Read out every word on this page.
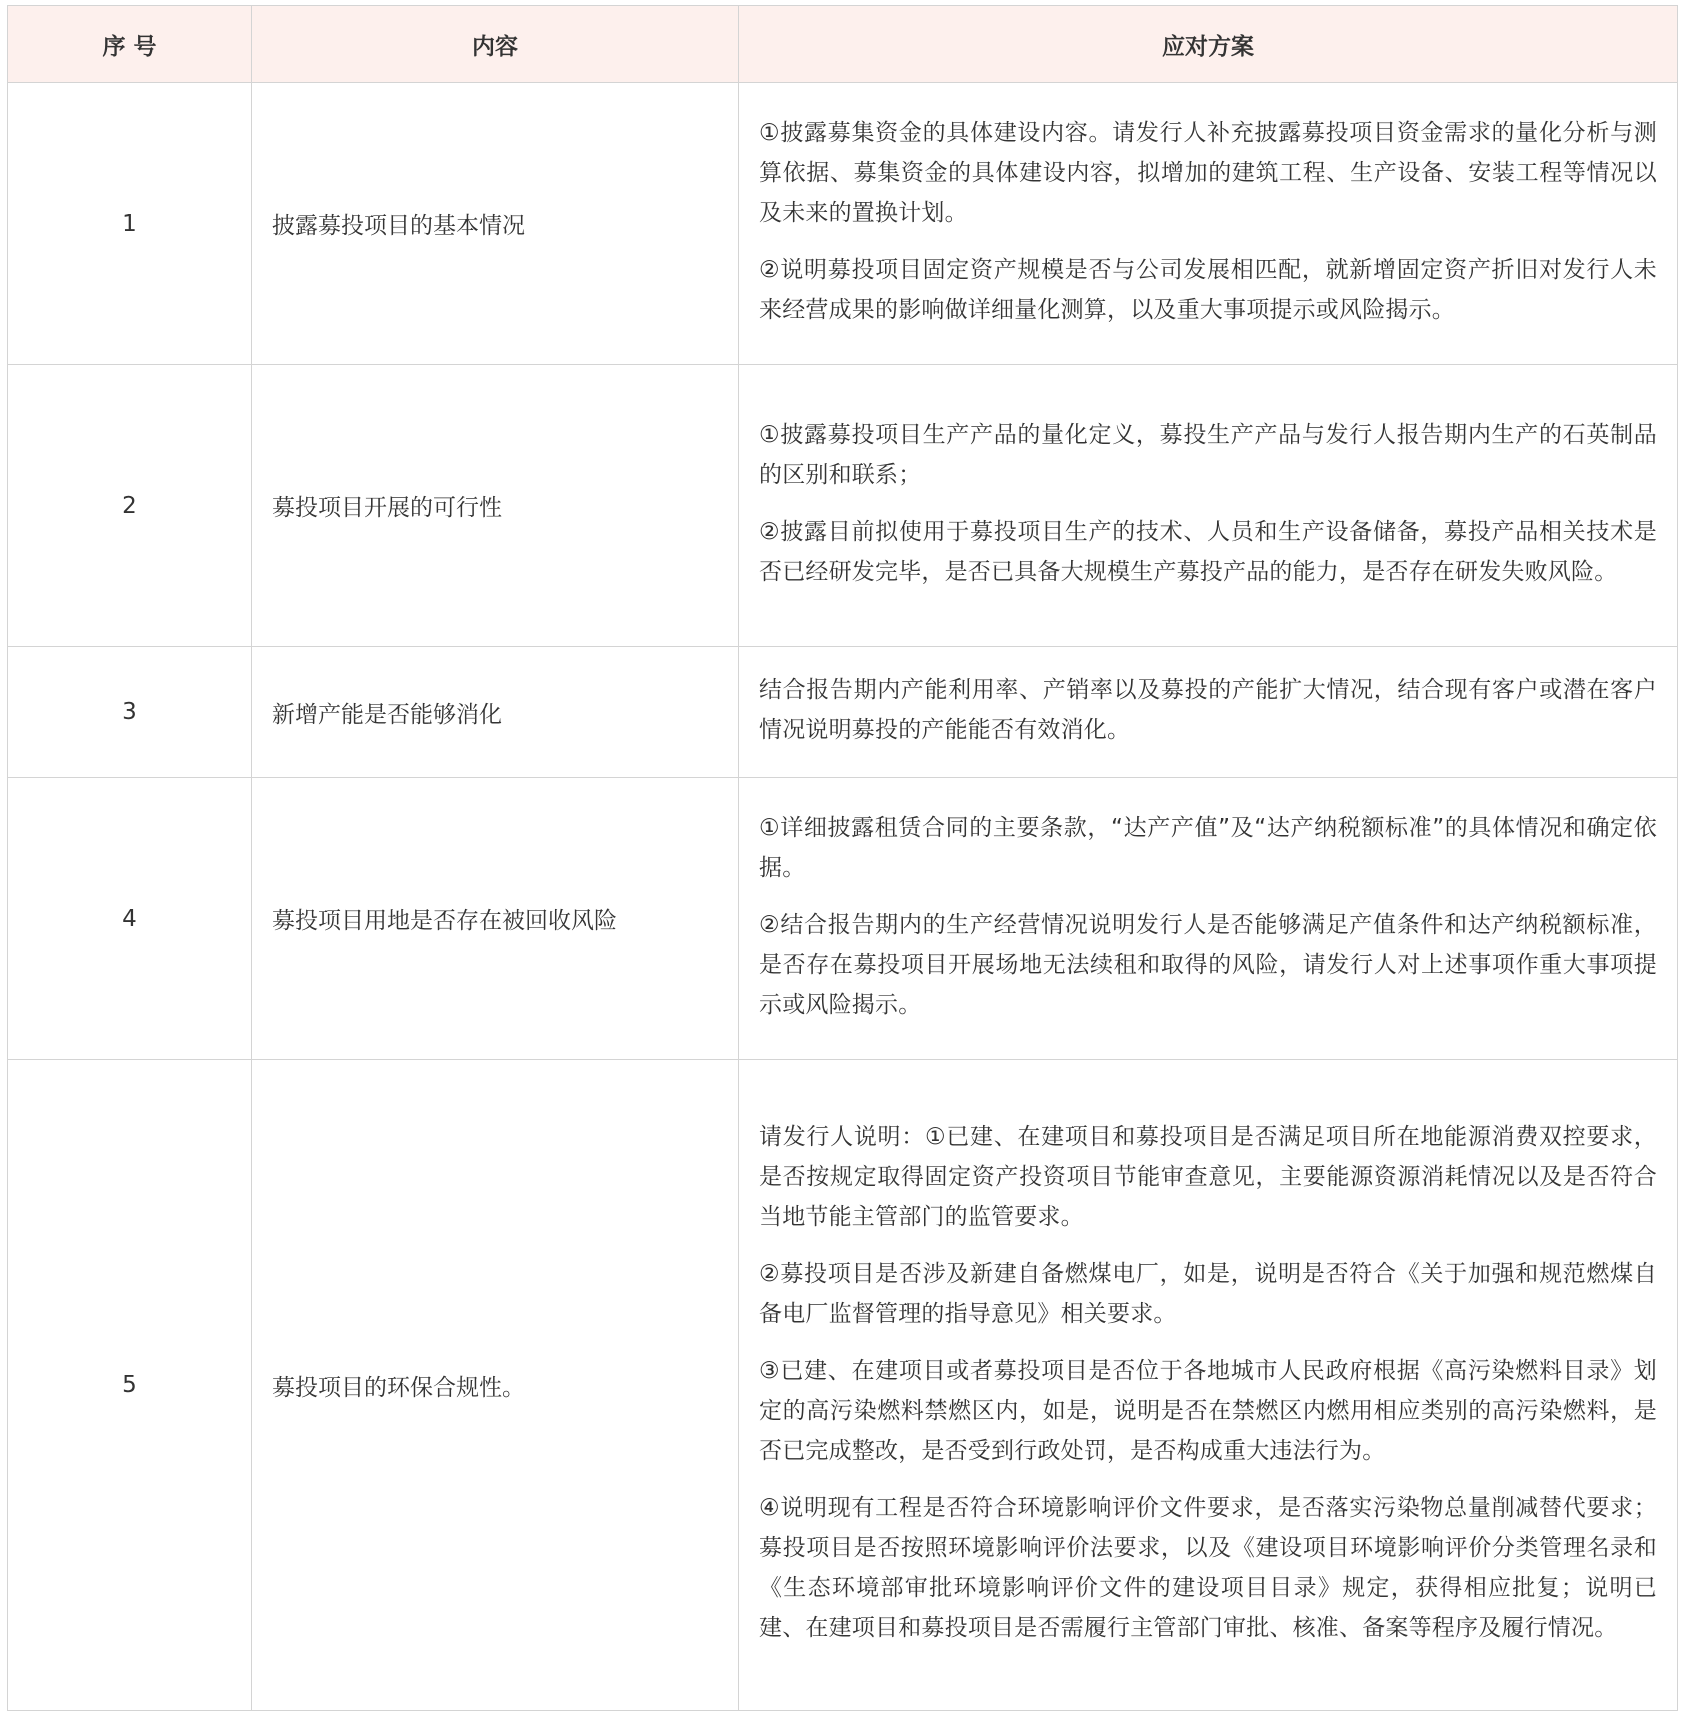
序 号	内容	应对方案
1	披露募投项目的基本情况	①披露募集资金的具体建设内容。请发行人补充披露募投项目资金需求的量化分析与测算依据、募集资金的具体建设内容，拟增加的建筑工程、生产设备、安装工程等情况以及未来的置换计划。

②说明募投项目固定资产规模是否与公司发展相匹配，就新增固定资产折旧对发行人未来经营成果的影响做详细量化测算，以及重大事项提示或风险揭示。

2	募投项目开展的可行性	①披露募投项目生产产品的量化定义，募投生产产品与发行人报告期内生产的石英制品的区别和联系；

②披露目前拟使用于募投项目生产的技术、人员和生产设备储备，募投产品相关技术是否已经研发完毕，是否已具备大规模生产募投产品的能力，是否存在研发失败风险。

3	新增产能是否能够消化	结合报告期内产能利用率、产销率以及募投的产能扩大情况，结合现有客户或潜在客户情况说明募投的产能能否有效消化。

4	募投项目用地是否存在被回收风险	①详细披露租赁合同的主要条款，“达产产值”及“达产纳税额标准”的具体情况和确定依据。

②结合报告期内的生产经营情况说明发行人是否能够满足产值条件和达产纳税额标准，是否存在募投项目开展场地无法续租和取得的风险，请发行人对上述事项作重大事项提示或风险揭示。

5	募投项目的环保合规性。	请发行人说明：①已建、在建项目和募投项目是否满足项目所在地能源消费双控要求，是否按规定取得固定资产投资项目节能审查意见，主要能源资源消耗情况以及是否符合当地节能主管部门的监管要求。

②募投项目是否涉及新建自备燃煤电厂，如是，说明是否符合《关于加强和规范燃煤自备电厂监督管理的指导意见》相关要求。

③已建、在建项目或者募投项目是否位于各地城市人民政府根据《高污染燃料目录》划定的高污染燃料禁燃区内，如是，说明是否在禁燃区内燃用相应类别的高污染燃料，是否已完成整改，是否受到行政处罚，是否构成重大违法行为。

④说明现有工程是否符合环境影响评价文件要求，是否落实污染物总量削减替代要求；募投项目是否按照环境影响评价法要求，以及《建设项目环境影响评价分类管理名录和《生态环境部审批环境影响评价文件的建设项目目录》规定，获得相应批复；说明已建、在建项目和募投项目是否需履行主管部门审批、核准、备案等程序及履行情况。
